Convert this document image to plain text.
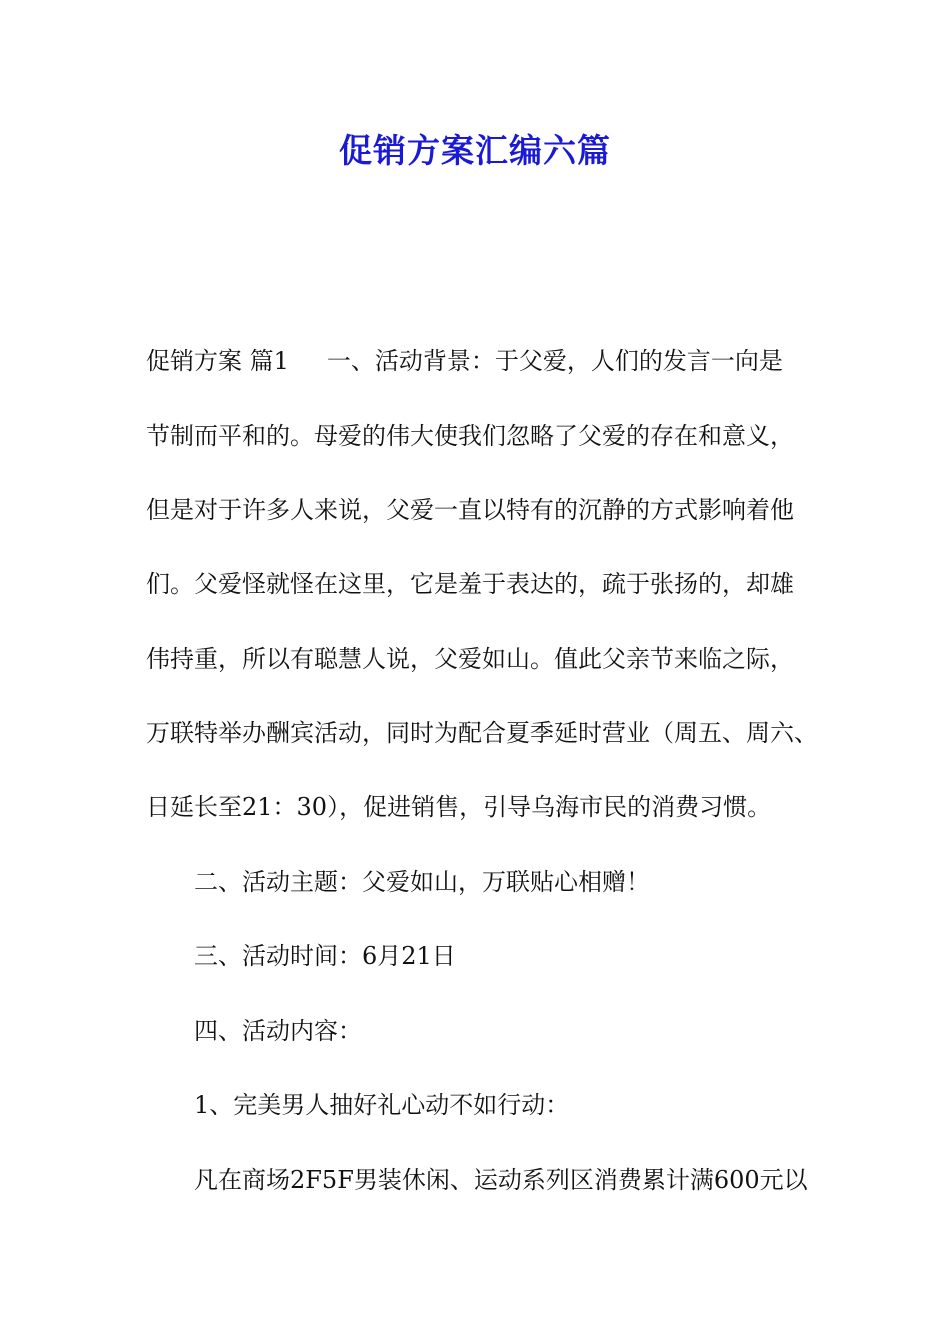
促销方案汇编六篇
促销方案 篇1 一、活动背景：于父爱，人们的发言一向是
节制而平和的。母爱的伟大使我们忽略了父爱的存在和意义，
但是对于许多人来说，父爱一直以特有的沉静的方式影响着他
们。父爱怪就怪在这里，它是羞于表达的，疏于张扬的，却雄
伟持重，所以有聪慧人说，父爱如山。值此父亲节来临之际，
万联特举办酬宾活动，同时为配合夏季延时营业（周五、周六、
日延长至21：30），促进销售，引导乌海市民的消费习惯。
二、活动主题：父爱如山，万联贴心相赠！
三、活动时间：6月21日
四、活动内容：
1、完美男人抽好礼心动不如行动：
凡在商场2F5F男装休闲、运动系列区消费累计满600元以
